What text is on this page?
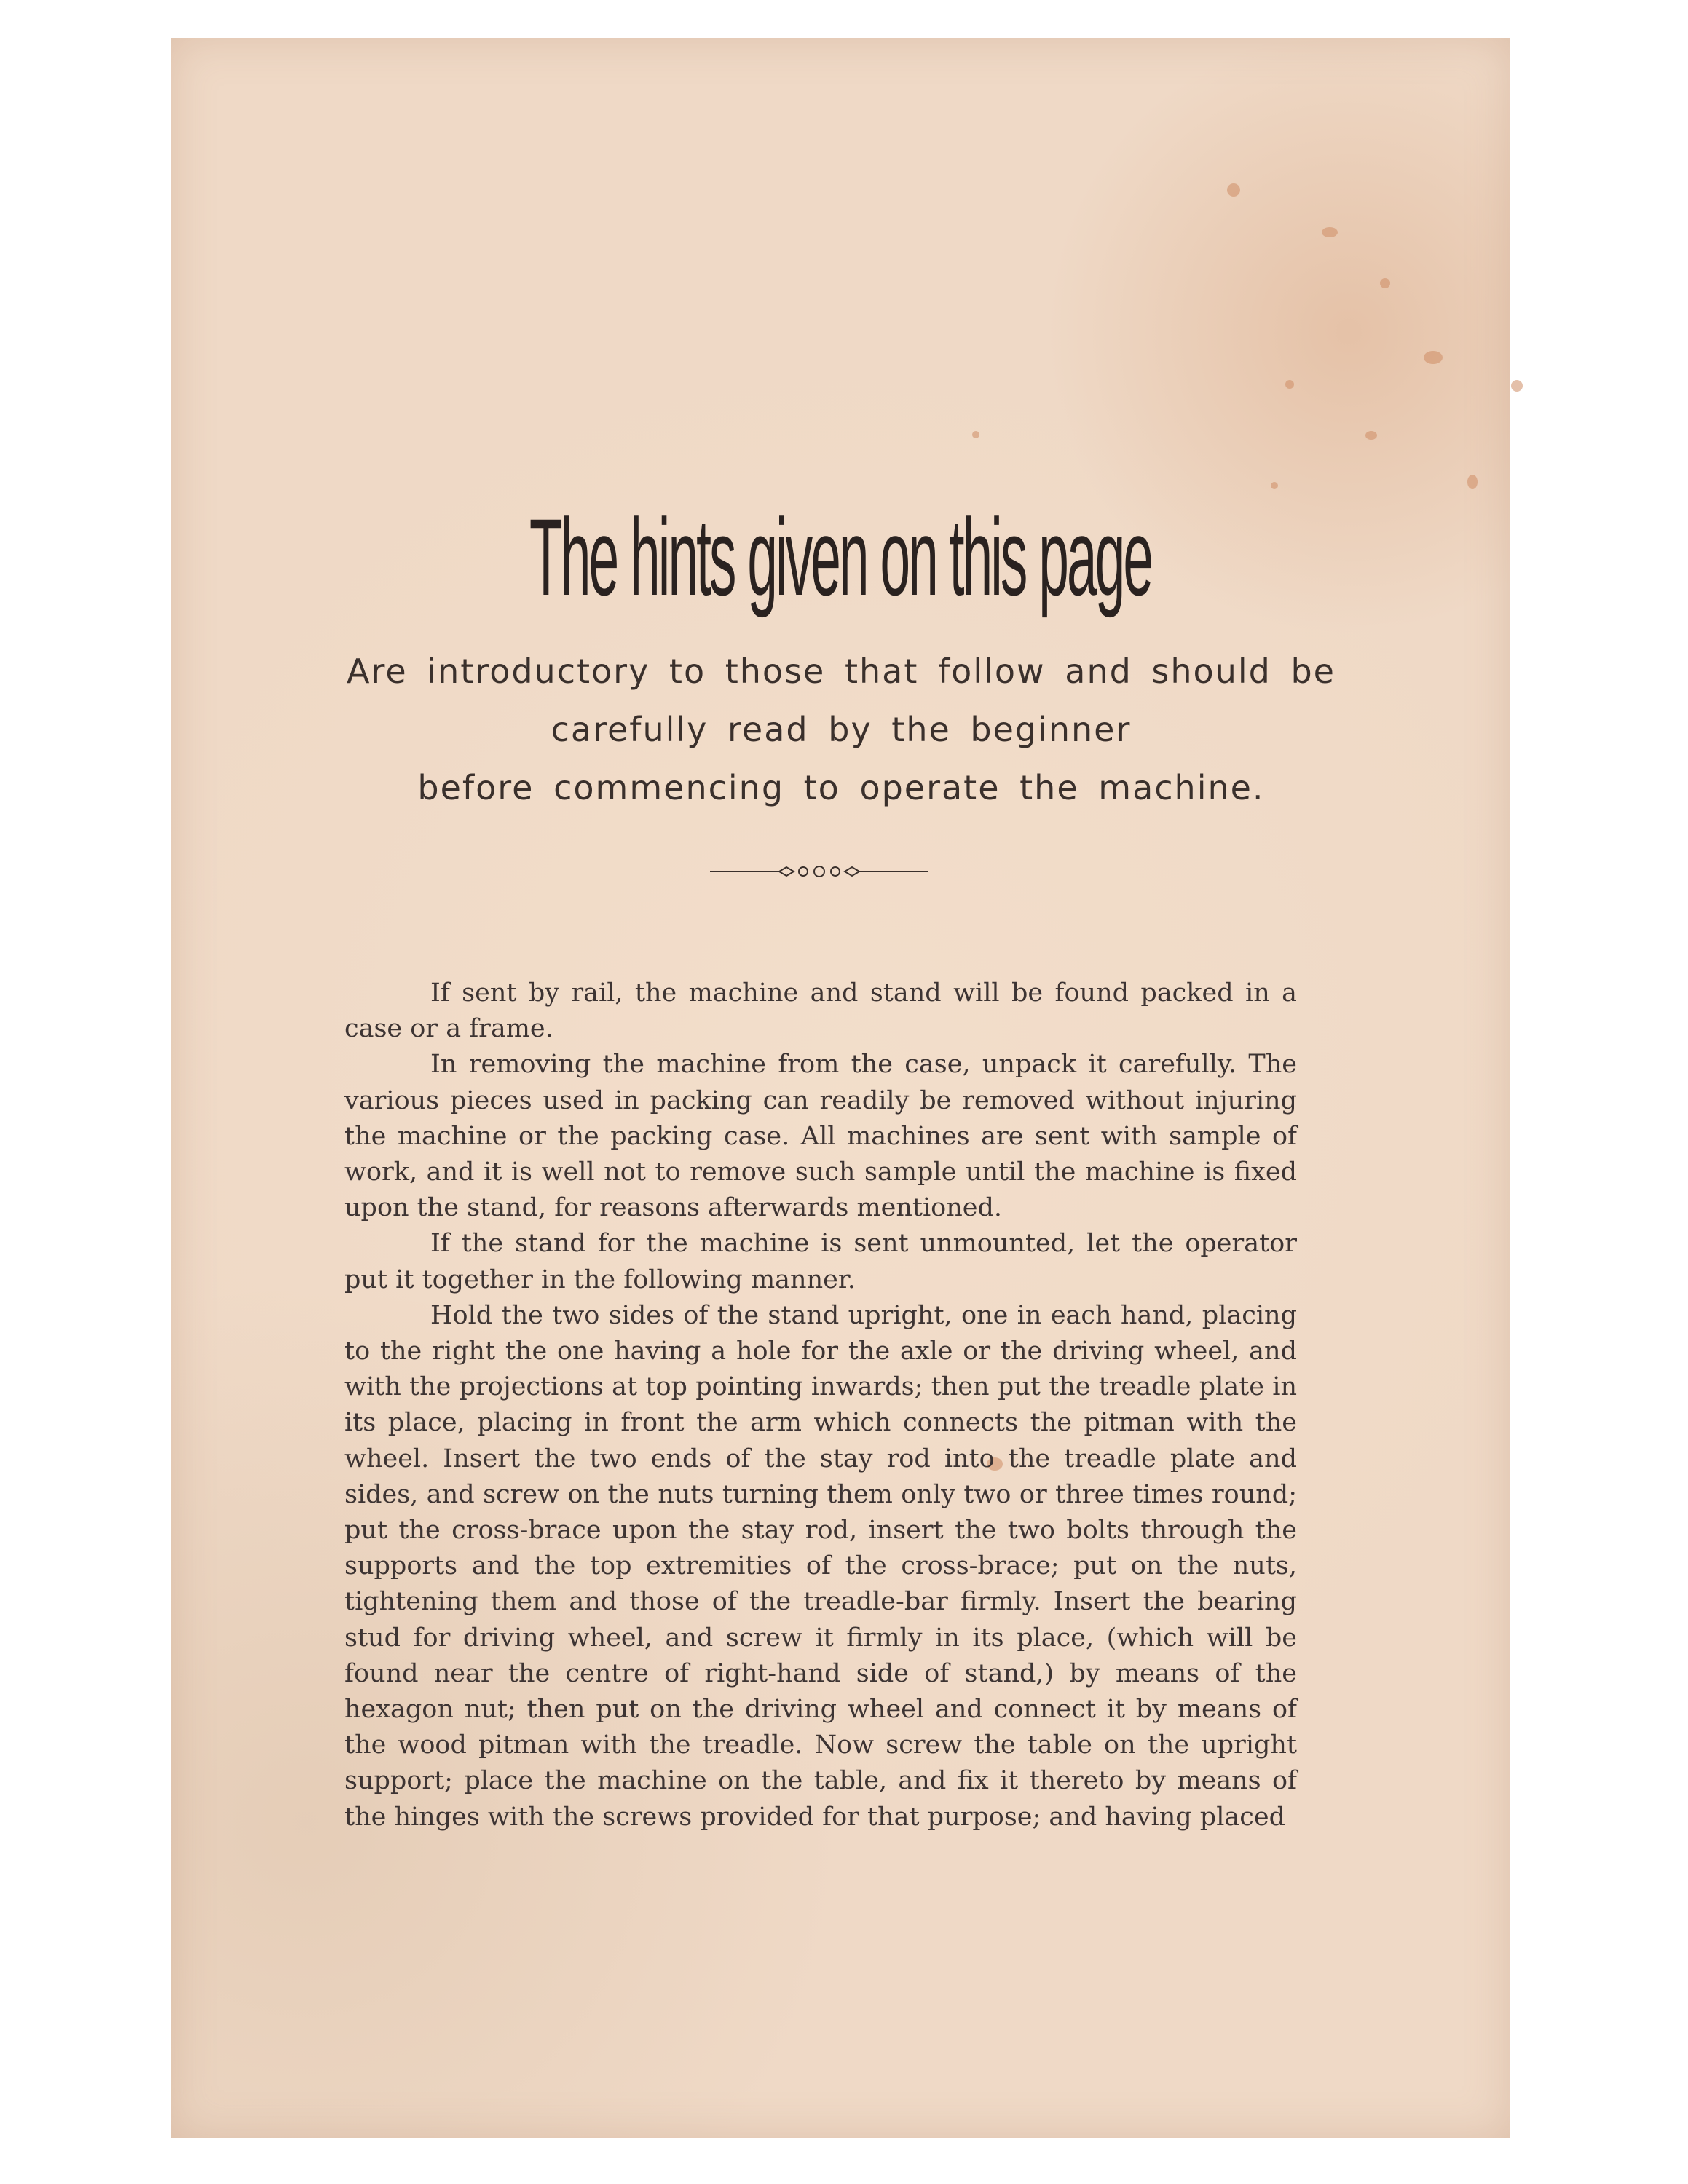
The hints given on this page
Are introductory to those that follow and should be
carefully read by the beginner
before commencing to operate the machine.

If sent by rail, the machine and stand will be found packed in a case or a frame.

In removing the machine from the case, unpack it carefully. The various pieces used in packing can readily be removed without injuring the machine or the packing case. All machines are sent with sample of work, and it is well not to remove such sample until the machine is fixed upon the stand, for reasons afterwards mentioned.

If the stand for the machine is sent unmounted, let the operator put it together in the following manner.

Hold the two sides of the stand upright, one in each hand, placing to the right the one having a hole for the axle or the driving wheel, and with the projections at top pointing inwards; then put the treadle plate in its place, placing in front the arm which connects the pitman with the wheel. Insert the two ends of the stay rod into the treadle plate and sides, and screw on the nuts turning them only two or three times round; put the cross-brace upon the stay rod, insert the two bolts through the supports and the top extremities of the cross-brace; put on the nuts, tightening them and those of the treadle-bar firmly. Insert the bearing stud for driving wheel, and screw it firmly in its place, (which will be found near the centre of right-hand side of stand,) by means of the hexagon nut; then put on the driving wheel and connect it by means of the wood pitman with the treadle. Now screw the table on the upright support; place the machine on the table, and fix it thereto by means of the hinges with the screws provided for that purpose; and having placed
